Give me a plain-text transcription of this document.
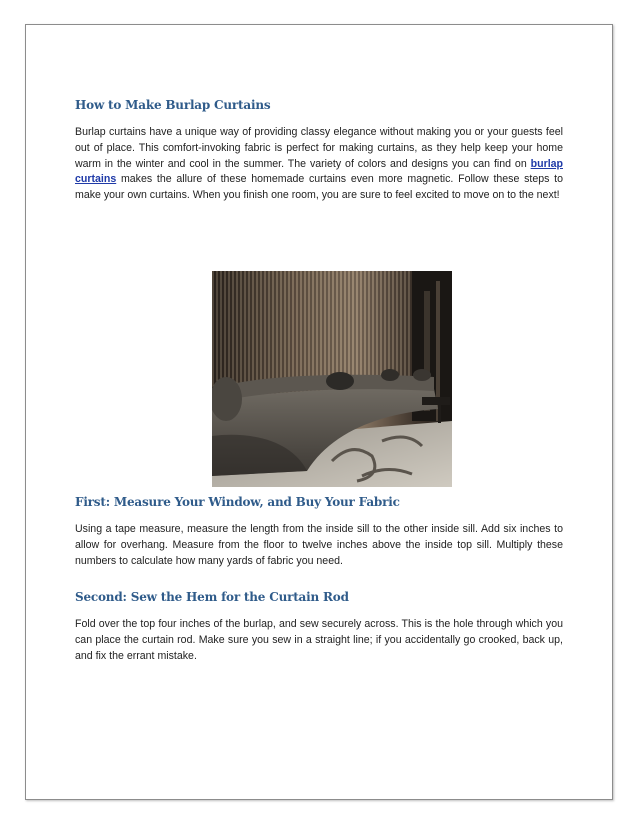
How to Make Burlap Curtains

Burlap curtains have a unique way of providing classy elegance without making you or your guests feel out of place. This comfort-invoking fabric is perfect for making curtains, as they help keep your home warm in the winter and cool in the summer. The variety of colors and designs you can find on burlap curtains makes the allure of these homemade curtains even more magnetic. Follow these steps to make your own curtains. When you finish one room, you are sure to feel excited to move on to the next!

First: Measure Your Window, and Buy Your Fabric

Using a tape measure, measure the length from the inside sill to the other inside sill. Add six inches to allow for overhang. Measure from the floor to twelve inches above the inside top sill. Multiply these numbers to calculate how many yards of fabric you need.

Second: Sew the Hem for the Curtain Rod

Fold over the top four inches of the burlap, and sew securely across. This is the hole through which you can place the curtain rod. Make sure you sew in a straight line; if you accidentally go crooked, back up, and fix the errant mistake.
